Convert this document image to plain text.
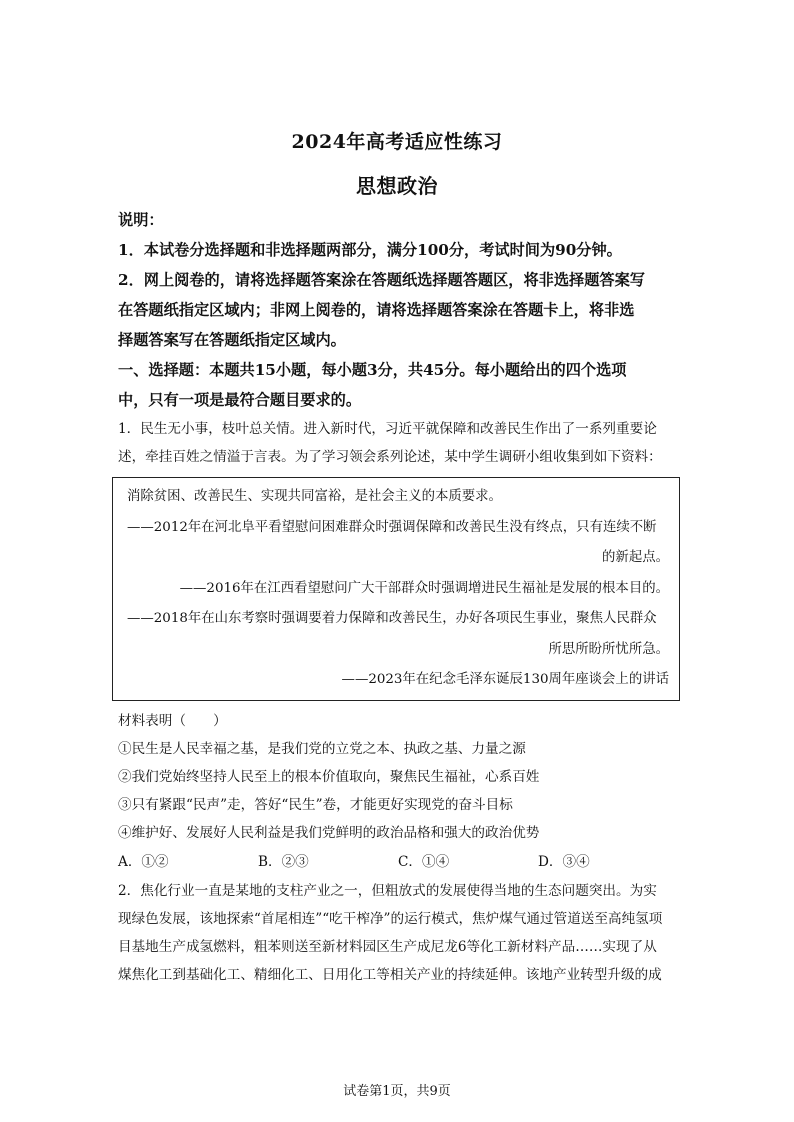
2024年高考适应性练习
思想政治

说明：

1．本试卷分选择题和非选择题两部分，满分100分，考试时间为90分钟。

2．网上阅卷的，请将选择题答案涂在答题纸选择题答题区，将非选择题答案写

在答题纸指定区域内；非网上阅卷的，请将选择题答案涂在答题卡上，将非选

择题答案写在答题纸指定区域内。

一、选择题：本题共15小题，每小题3分，共45分。每小题给出的四个选项

中，只有一项是最符合题目要求的。

1．民生无小事，枝叶总关情。进入新时代，习近平就保障和改善民生作出了一系列重要论

述，牵挂百姓之情溢于言表。为了学习领会系列论述，某中学生调研小组收集到如下资料：

消除贫困、改善民生、实现共同富裕，是社会主义的本质要求。

——2012年在河北阜平看望慰问困难群众时强调保障和改善民生没有终点，只有连续不断

的新起点。

——2016年在江西看望慰问广大干部群众时强调增进民生福祉是发展的根本目的。

——2018年在山东考察时强调要着力保障和改善民生，办好各项民生事业，聚焦人民群众

所思所盼所忧所急。

——2023年在纪念毛泽东诞辰130周年座谈会上的讲话

材料表明（　　）

①民生是人民幸福之基，是我们党的立党之本、执政之基、力量之源

②我们党始终坚持人民至上的根本价值取向，聚焦民生福祉，心系百姓

③只有紧跟“民声”走，答好“民生”卷，才能更好实现党的奋斗目标

④维护好、发展好人民利益是我们党鲜明的政治品格和强大的政治优势

A．①②	B．②③	C．①④	D．③④

2．焦化行业一直是某地的支柱产业之一，但粗放式的发展使得当地的生态问题突出。为实

现绿色发展，该地探索“首尾相连”“吃干榨净”的运行模式，焦炉煤气通过管道送至高纯氢项

目基地生产成氢燃料，粗苯则送至新材料园区生产成尼龙6等化工新材料产品……实现了从

煤焦化工到基础化工、精细化工、日用化工等相关产业的持续延伸。该地产业转型升级的成

试卷第1页，共9页
